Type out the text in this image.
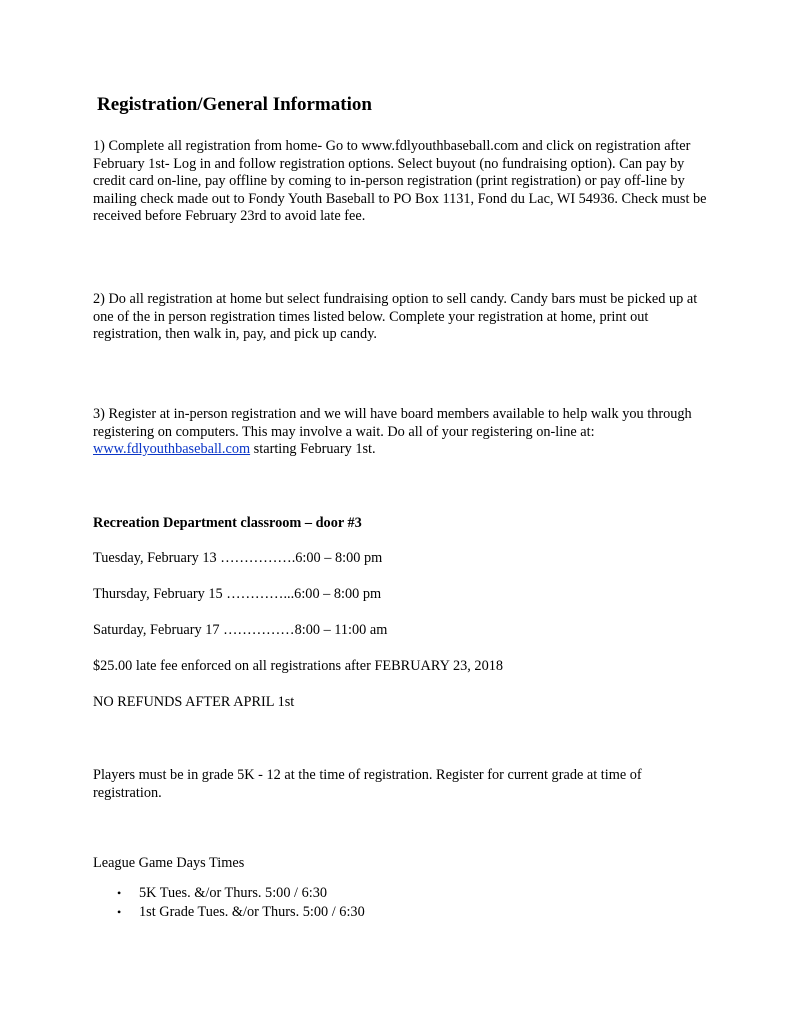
Registration/General Information

1) Complete all registration from home- Go to www.fdlyouthbaseball.com and click on registration after February 1st- Log in and follow registration options. Select buyout (no fundraising option). Can pay by credit card on-line, pay offline by coming to in-person registration (print registration) or pay off-line by mailing check made out to Fondy Youth Baseball to PO Box 1131, Fond du Lac, WI 54936. Check must be received before February 23rd to avoid late fee.

2) Do all registration at home but select fundraising option to sell candy. Candy bars must be picked up at one of the in person registration times listed below. Complete your registration at home, print out registration, then walk in, pay, and pick up candy.

3) Register at in-person registration and we will have board members available to help walk you through registering on computers. This may involve a wait. Do all of your registering on-line at: www.fdlyouthbaseball.com starting February 1st.

Recreation Department classroom – door #3

Tuesday, February 13 …………….6:00 – 8:00 pm

Thursday, February 15 …………...6:00 – 8:00 pm

Saturday, February 17 ……………8:00 – 11:00 am

$25.00 late fee enforced on all registrations after FEBRUARY 23, 2018

NO REFUNDS AFTER APRIL 1st

Players must be in grade 5K - 12 at the time of registration. Register for current grade at time of registration.

League Game Days Times

• 5K Tues. &/or Thurs. 5:00 / 6:30
• 1st Grade Tues. &/or Thurs. 5:00 / 6:30
